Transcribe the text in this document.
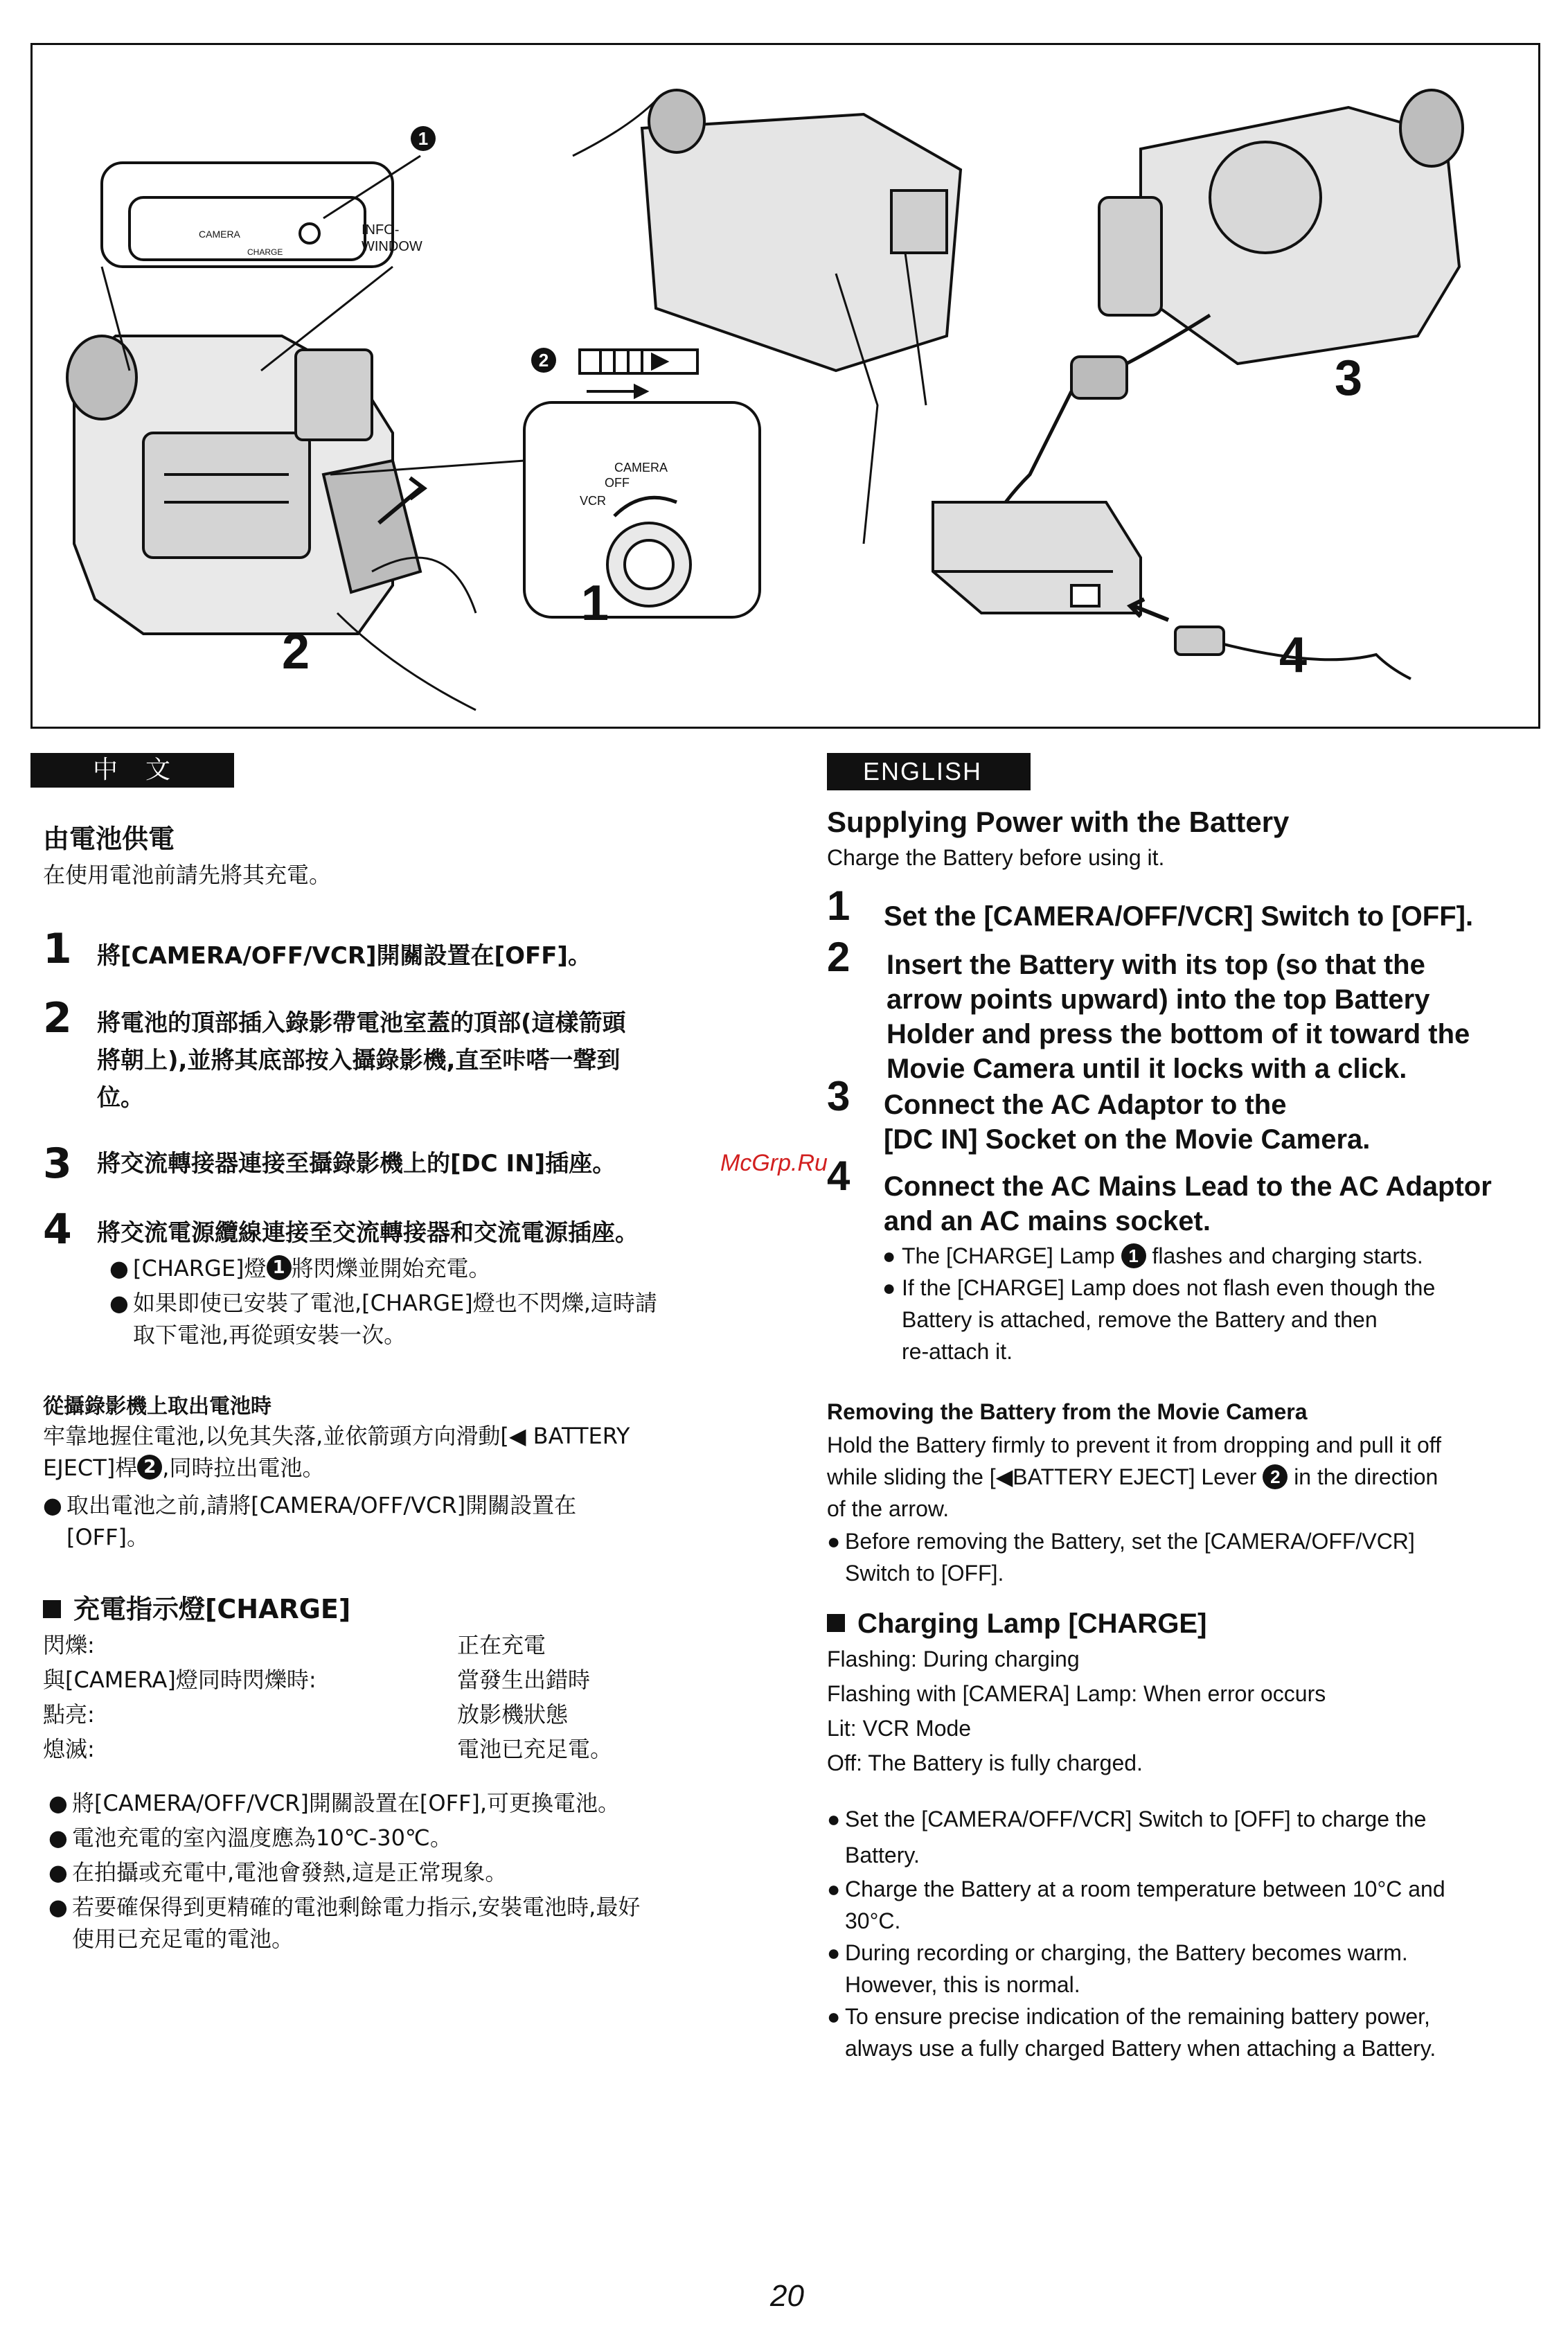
2
1
3
4
1
2
INFO-
WINDOW
CAMERA
CHARGE
CAMERA
OFF
VCR
中　文
由電池供電
在使用電池前請先將其充電。
1 將[CAMERA/OFF/VCR]開關設置在[OFF]。
2 將電池的頂部插入錄影帶電池室蓋的頂部(這樣箭頭
將朝上),並將其底部按入攝錄影機,直至咔嗒一聲到
位。
3 將交流轉接器連接至攝錄影機上的[DC IN]插座。
4 將交流電源纜線連接至交流轉接器和交流電源插座。
● [CHARGE]燈 1 將閃爍並開始充電。
● 如果即使已安裝了電池,[CHARGE]燈也不閃爍,這時請
取下電池,再從頭安裝一次。
從攝錄影機上取出電池時
牢靠地握住電池,以免其失落,並依箭頭方向滑動[◀ BATTERY
EJECT]桿 2 ,同時拉出電池。
● 取出電池之前,請將[CAMERA/OFF/VCR]開關設置在
[OFF]。
充電指示燈[CHARGE]
閃爍:	正在充電
與[CAMERA]燈同時閃爍時:	當發生出錯時
點亮:	放影機狀態
熄滅:	電池已充足電。
● 將[CAMERA/OFF/VCR]開關設置在[OFF],可更換電池。
● 電池充電的室內溫度應為10℃-30℃。
● 在拍攝或充電中,電池會發熱,這是正常現象。
● 若要確保得到更精確的電池剩餘電力指示,安裝電池時,最好
使用已充足電的電池。
ENGLISH
Supplying Power with the Battery
Charge the Battery before using it.
1 Set the [CAMERA/OFF/VCR] Switch to [OFF].
2 Insert the Battery with its top (so that the
arrow points upward) into the top Battery
Holder and press the bottom of it toward the
Movie Camera until it locks with a click.
3 Connect the AC Adaptor to the
[DC IN] Socket on the Movie Camera.
4 Connect the AC Mains Lead to the AC Adaptor
and an AC mains socket.
● The [CHARGE] Lamp 1 flashes and charging starts.
● If the [CHARGE] Lamp does not flash even though the
Battery is attached, remove the Battery and then
re-attach it.
Removing the Battery from the Movie Camera
Hold the Battery firmly to prevent it from dropping and pull it off
while sliding the [◀BATTERY EJECT] Lever 2 in the direction
of the arrow.
● Before removing the Battery, set the [CAMERA/OFF/VCR]
Switch to [OFF].
Charging Lamp [CHARGE]
Flashing: During charging
Flashing with [CAMERA] Lamp: When error occurs
Lit: VCR Mode
Off: The Battery is fully charged.
● Set the [CAMERA/OFF/VCR] Switch to [OFF] to charge the
Battery.
● Charge the Battery at a room temperature between 10°C and
30°C.
● During recording or charging, the Battery becomes warm.
However, this is normal.
● To ensure precise indication of the remaining battery power,
always use a fully charged Battery when attaching a Battery.
McGrp.Ru
20
